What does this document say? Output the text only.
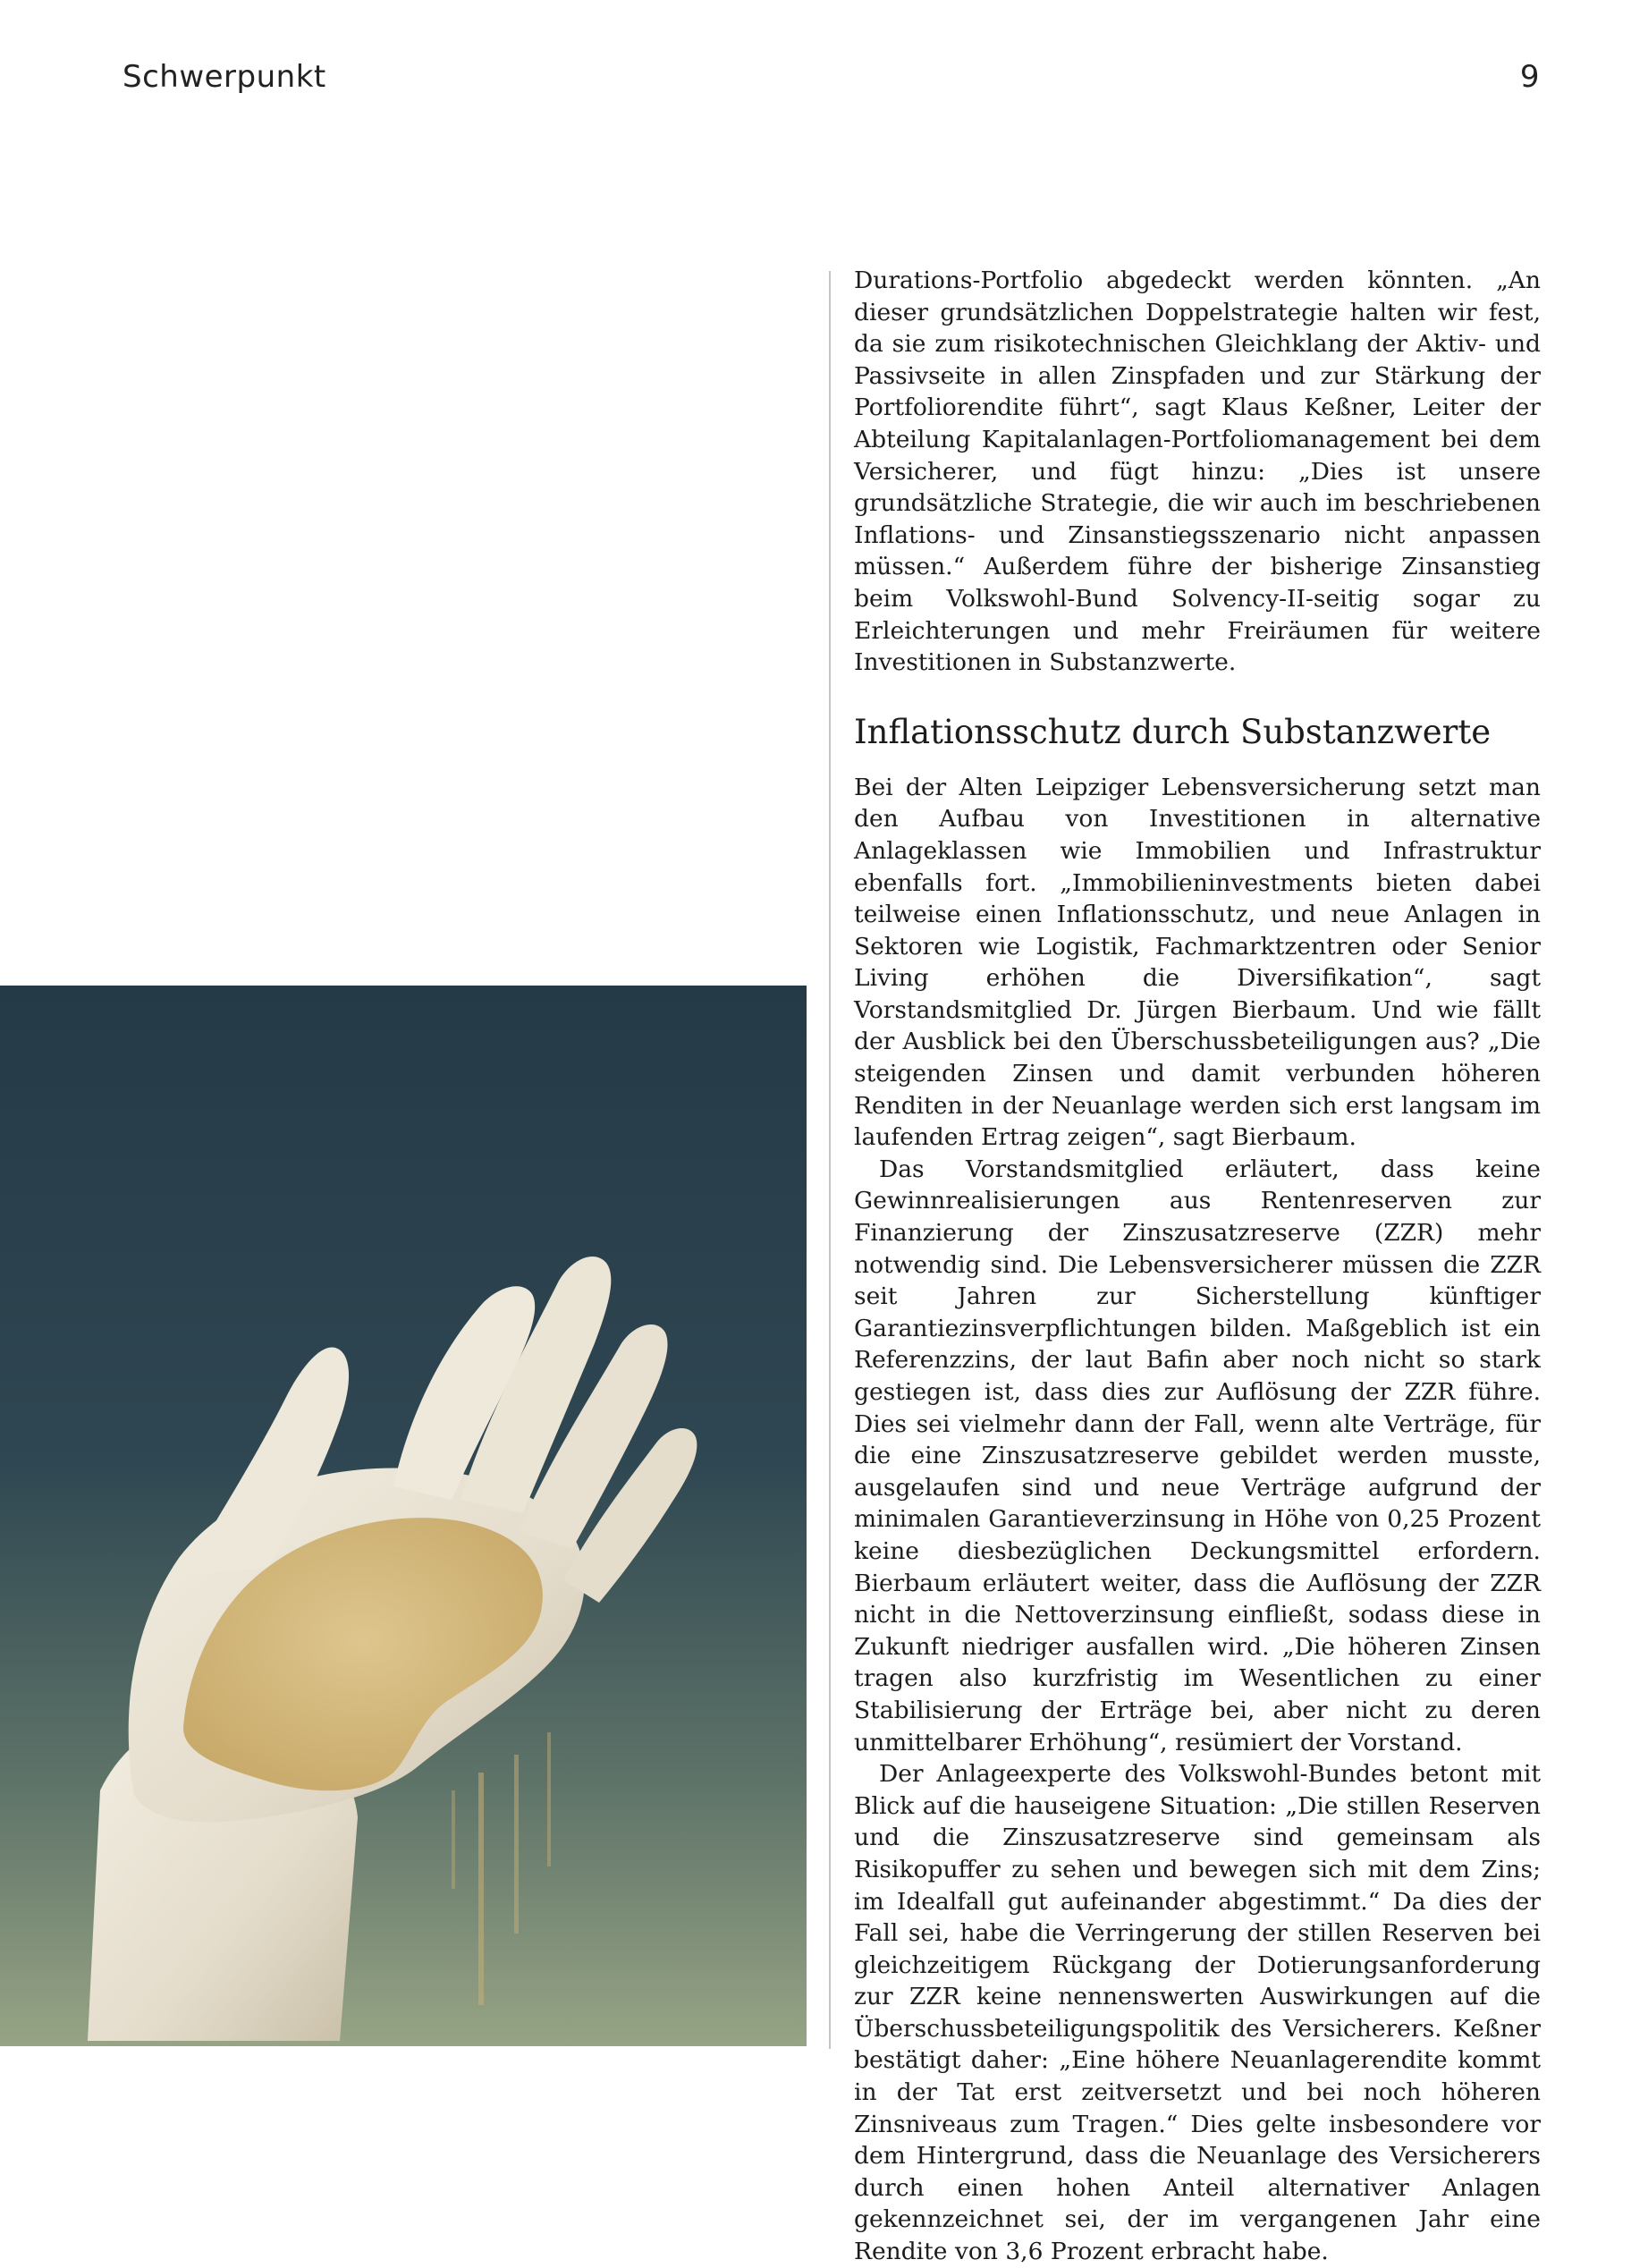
Schwerpunkt	9

Durations-Portfolio abgedeckt werden könnten. „An dieser grundsätzlichen Doppelstrategie halten wir fest, da sie zum risikotechnischen Gleichklang der Aktiv- und Passivseite in allen Zinspfaden und zur Stärkung der Portfoliorendite führt“, sagt Klaus Keßner, Leiter der Abteilung Kapitalanlagen-Portfoliomanagement bei dem Versicherer, und fügt hinzu: „Dies ist unsere grundsätzliche Strategie, die wir auch im beschriebenen Inflations- und Zinsanstiegsszenario nicht anpassen müssen.“ Außerdem führe der bisherige Zinsanstieg beim Volkswohl-Bund Solvency-II-seitig sogar zu Erleichterungen und mehr Freiräumen für weitere Investitionen in Substanzwerte.

Inflationsschutz durch Substanzwerte

Bei der Alten Leipziger Lebensversicherung setzt man den Aufbau von Investitionen in alternative Anlageklassen wie Immobilien und Infrastruktur ebenfalls fort. „Immobilieninvestments bieten dabei teilweise einen Inflationsschutz, und neue Anlagen in Sektoren wie Logistik, Fachmarktzentren oder Senior Living erhöhen die Diversifikation“, sagt Vorstandsmitglied Dr. Jürgen Bierbaum. Und wie fällt der Ausblick bei den Überschussbeteiligungen aus? „Die steigenden Zinsen und damit verbunden höheren Renditen in der Neuanlage werden sich erst langsam im laufenden Ertrag zeigen“, sagt Bierbaum.

Das Vorstandsmitglied erläutert, dass keine Gewinnrealisierungen aus Rentenreserven zur Finanzierung der Zinszusatzreserve (ZZR) mehr notwendig sind. Die Lebensversicherer müssen die ZZR seit Jahren zur Sicherstellung künftiger Garantiezinsverpflichtungen bilden. Maßgeblich ist ein Referenzzins, der laut Bafin aber noch nicht so stark gestiegen ist, dass dies zur Auflösung der ZZR führe. Dies sei vielmehr dann der Fall, wenn alte Verträge, für die eine Zinszusatzreserve gebildet werden musste, ausgelaufen sind und neue Verträge aufgrund der minimalen Garantieverzinsung in Höhe von 0,25 Prozent keine diesbezüglichen Deckungsmittel erfordern. Bierbaum erläutert weiter, dass die Auflösung der ZZR nicht in die Nettoverzinsung einfließt, sodass diese in Zukunft niedriger ausfallen wird. „Die höheren Zinsen tragen also kurzfristig im Wesentlichen zu einer Stabilisierung der Erträge bei, aber nicht zu deren unmittelbarer Erhöhung“, resümiert der Vorstand.

Der Anlageexperte des Volkswohl-Bundes betont mit Blick auf die hauseigene Situation: „Die stillen Reserven und die Zinszusatzreserve sind gemeinsam als Risikopuffer zu sehen und bewegen sich mit dem Zins; im Idealfall gut aufeinander abgestimmt.“ Da dies der Fall sei, habe die Verringerung der stillen Reserven bei gleichzeitigem Rückgang der Dotierungsanforderung zur ZZR keine nennenswerten Auswirkungen auf die Überschussbeteiligungspolitik des Versicherers. Keßner bestätigt daher: „Eine höhere Neuanlagerendite kommt in der Tat erst zeitversetzt und bei noch höheren Zinsniveaus zum Tragen.“ Dies gelte insbesondere vor dem Hintergrund, dass die Neuanlage des Versicherers durch einen hohen Anteil alternativer Anlagen gekennzeichnet sei, der im vergangenen Jahr eine Rendite von 3,6 Prozent erbracht habe.
